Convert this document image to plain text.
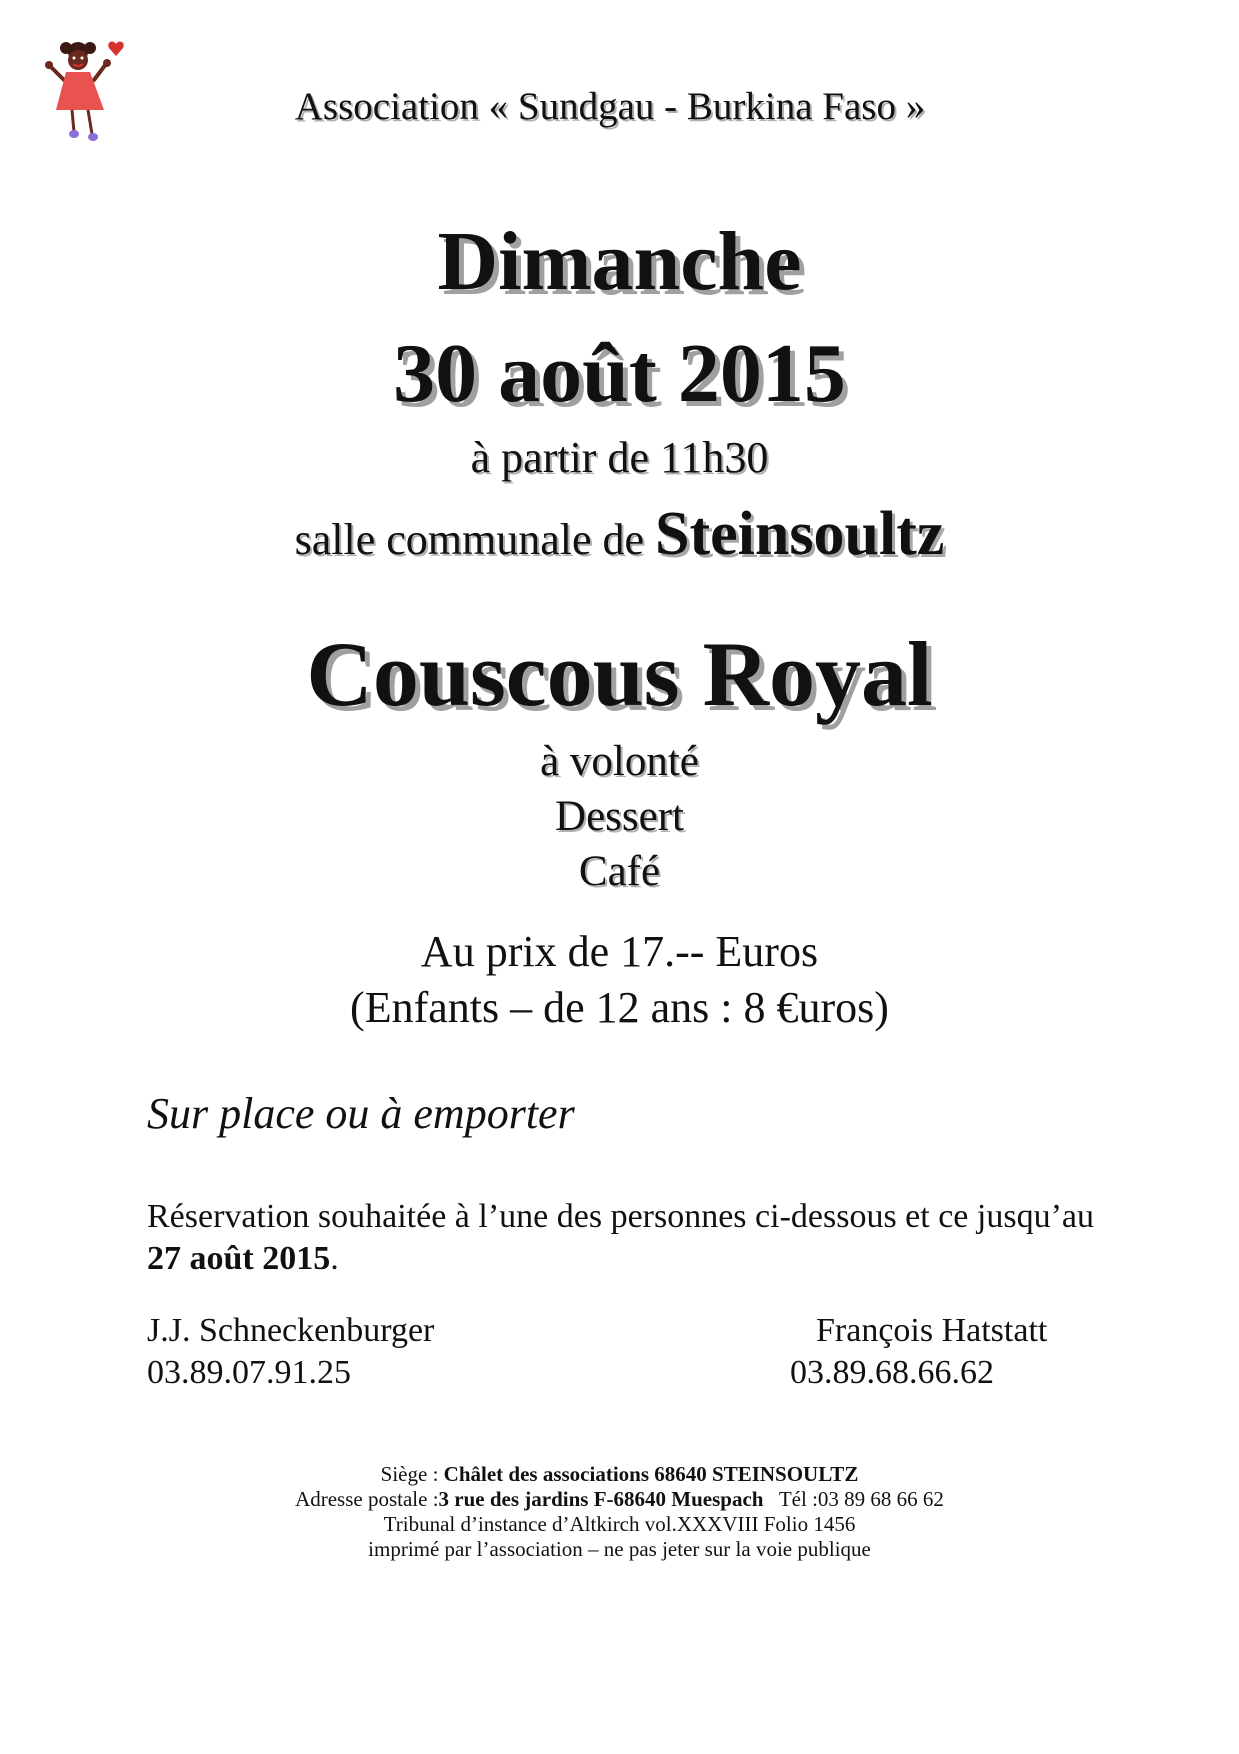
Association « Sundgau - Burkina Faso »
Dimanche
30 août 2015
à partir de 11h30
salle communale de Steinsoultz
Couscous Royal
à volonté
Dessert
Café
Au prix de 17.-- Euros
(Enfants – de 12 ans : 8 €uros)
Sur place ou à emporter
Réservation souhaitée à l’une des personnes ci-dessous et ce jusqu’au 27 août 2015.
J.J. Schneckenburger
03.89.07.91.25
François Hatstatt
03.89.68.66.62
Siège : Châlet des associations 68640 STEINSOULTZ
Adresse postale :3 rue des jardins F-68640 Muespach Tél :03 89 68 66 62
Tribunal d’instance d’Altkirch vol.XXXVIII Folio 1456
imprimé par l’association – ne pas jeter sur la voie publique
